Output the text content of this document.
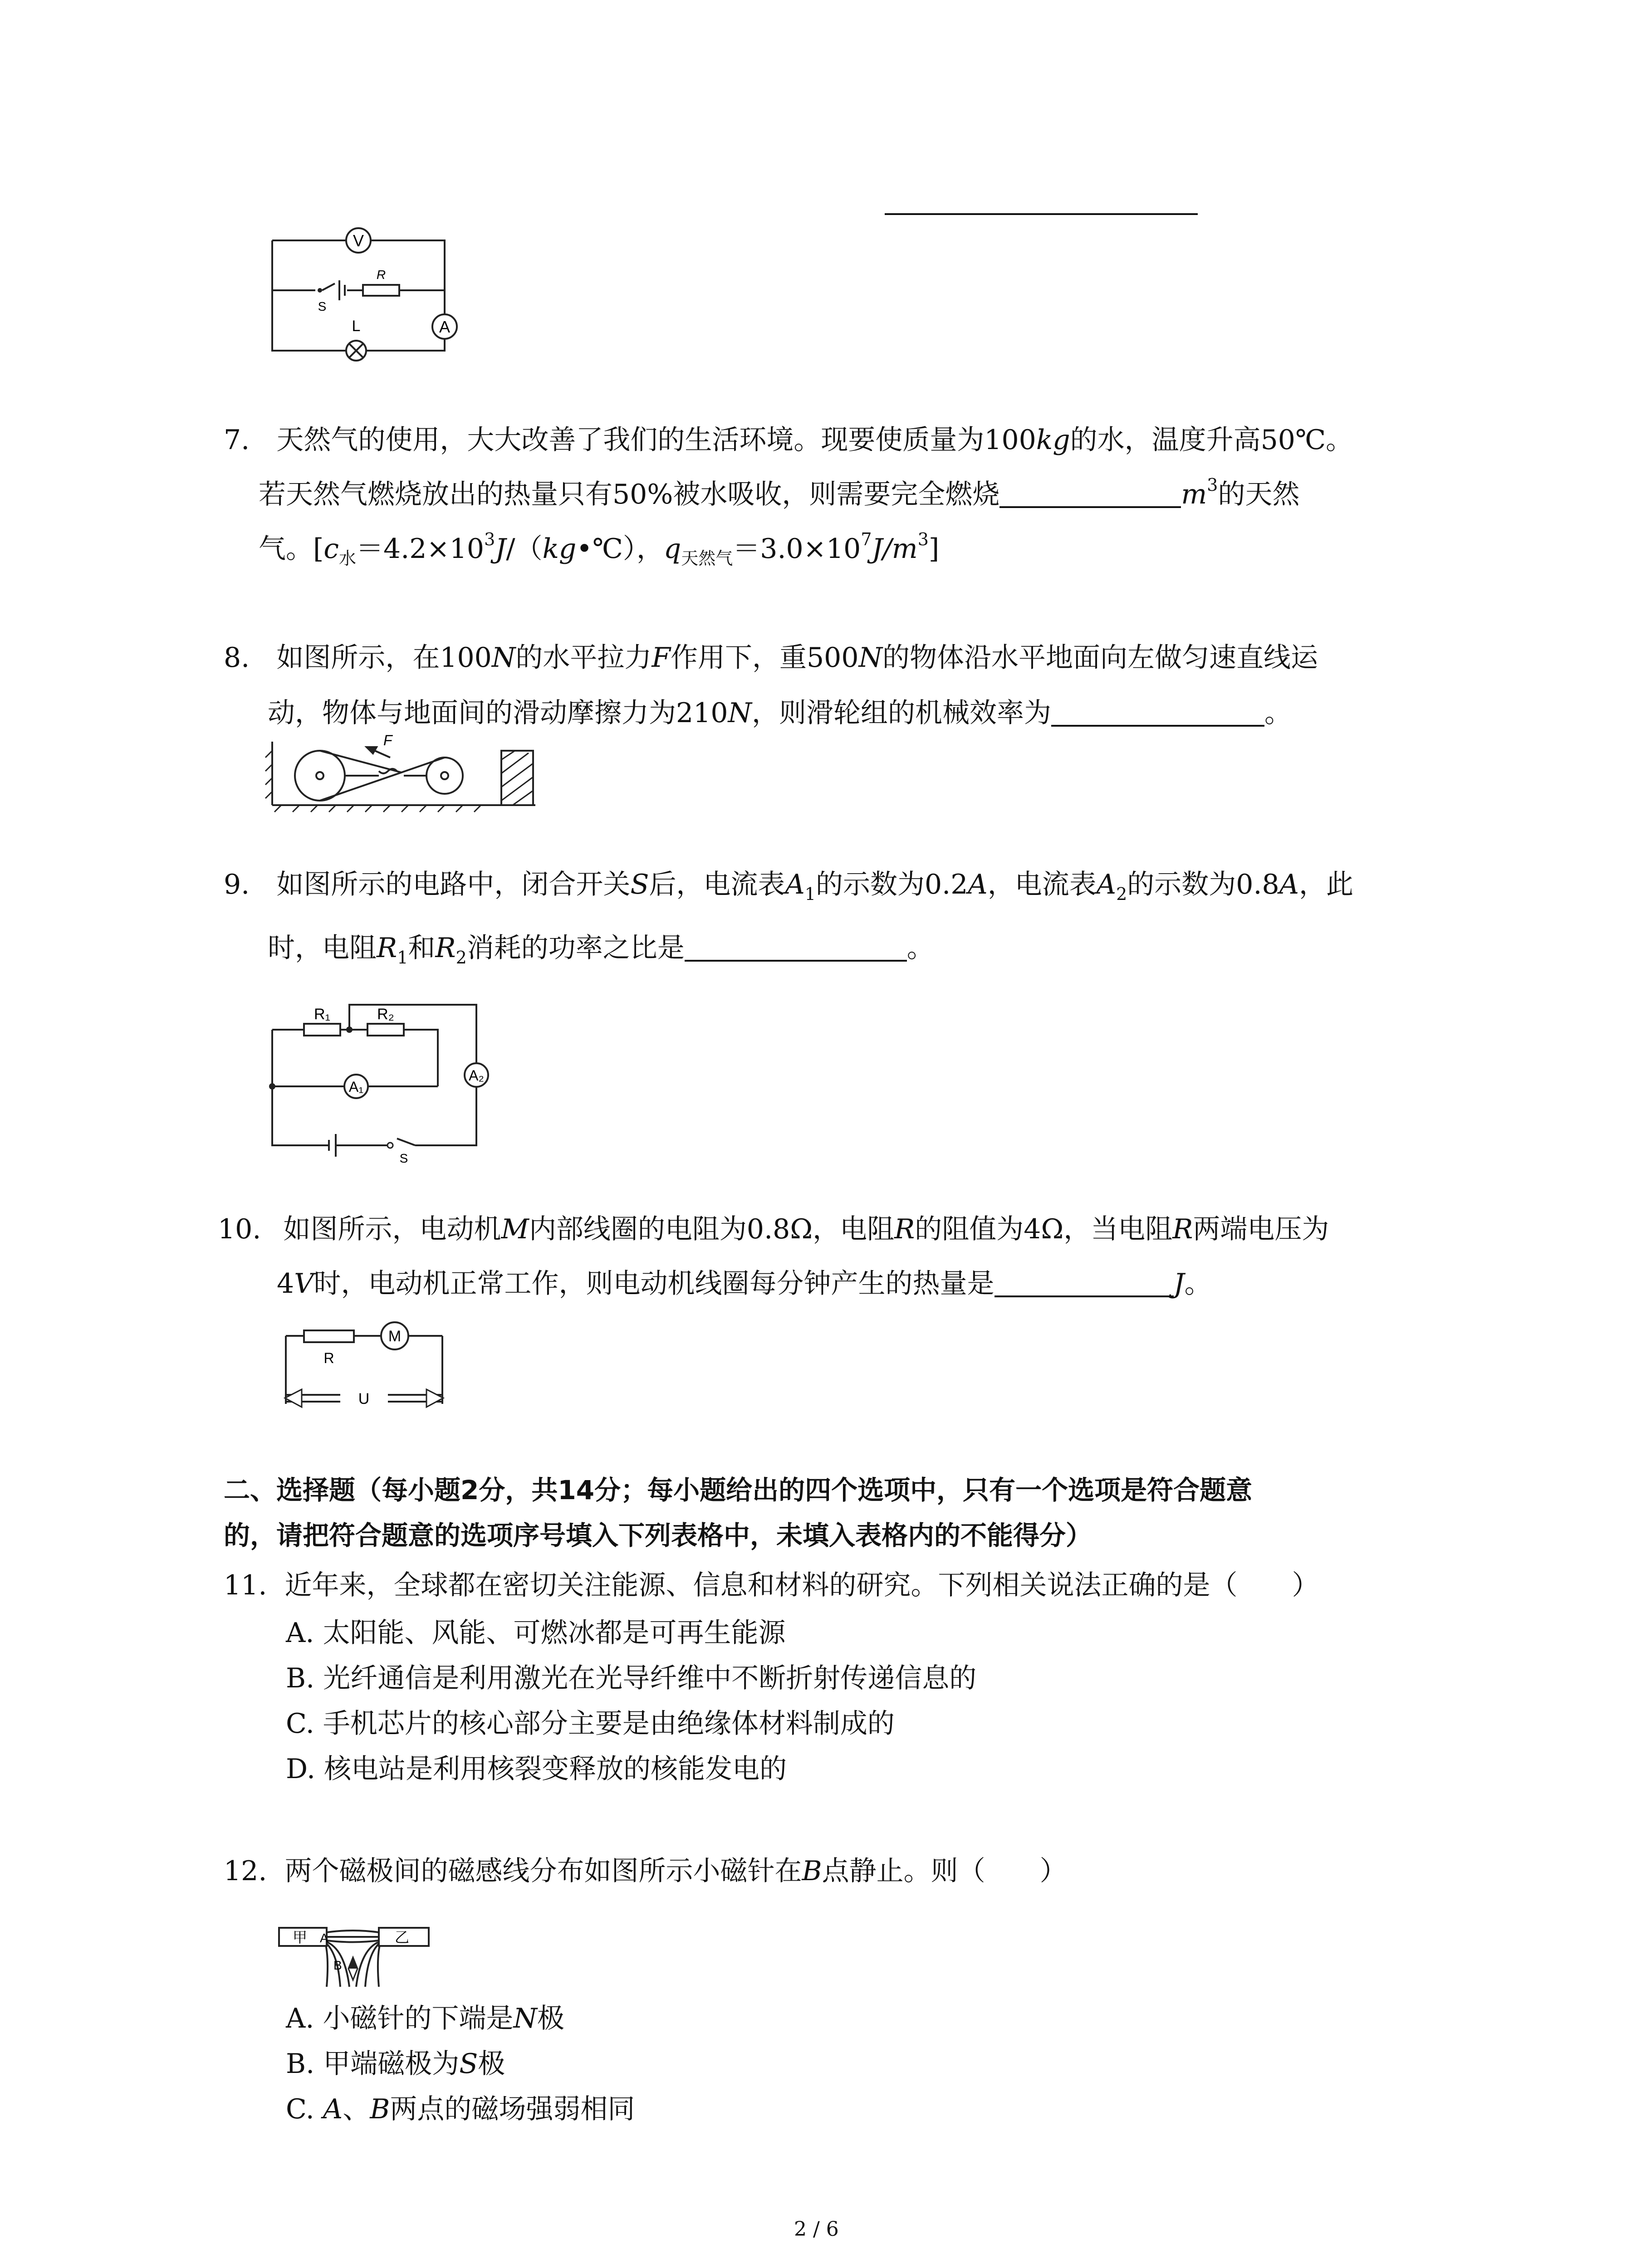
V
R
S
L	A
7. 天然气的使用，大大改善了我们的生活环境。现要使质量为100kg的水，温度升高50℃。
若天然气燃烧放出的热量只有50%被水吸收，则需要完全燃烧	$m^3$的天然
气。[$c_水=4.2\times 10^3J/(kg•℃)$，$q_{天然气}=3.0\times 10^7J/m^3$]
8. 如图所示，在100N的水平拉力F作用下，重500N的物体沿水平地面向左做匀速直线运
动，物体与地面间的滑动摩擦力为210N，则滑轮组的机械效率为	。
F
9. 如图所示的电路中，闭合开关S后，电流表$A_1$的示数为0.2A，电流表$A_2$的示数为0.8A，此
时，电阻$R_1$和$R_2$消耗的功率之比是	。
R₁	R₂
A₁
A₂
S
10. 如图所示，电动机M内部线圈的电阻为0.8Ω，电阻R的阻值为4Ω，当电阻R两端电压为
4V时，电动机正常工作，则电动机线圈每分钟产生的热量是	J。
R
M
U
二、选择题（每小题2分，共14分；每小题给出的四个选项中，只有一个选项是符合题意
的，请把符合题意的选项序号填入下列表格中，未填入表格内的不能得分）
11. 近年来，全球都在密切关注能源、信息和材料的研究。下列相关说法正确的是（　　）
A. 太阳能、风能、可燃冰都是可再生能源
B. 光纤通信是利用激光在光导纤维中不断折射传递信息的
C. 手机芯片的核心部分主要是由绝缘体材料制成的
D. 核电站是利用核裂变释放的核能发电的
12. 两个磁极间的磁感线分布如图所示小磁针在B点静止。则（　　）
甲	乙
A
B
A. 小磁针的下端是N极
B. 甲端磁极为S极
C. A、B两点的磁场强弱相同
2 / 6
